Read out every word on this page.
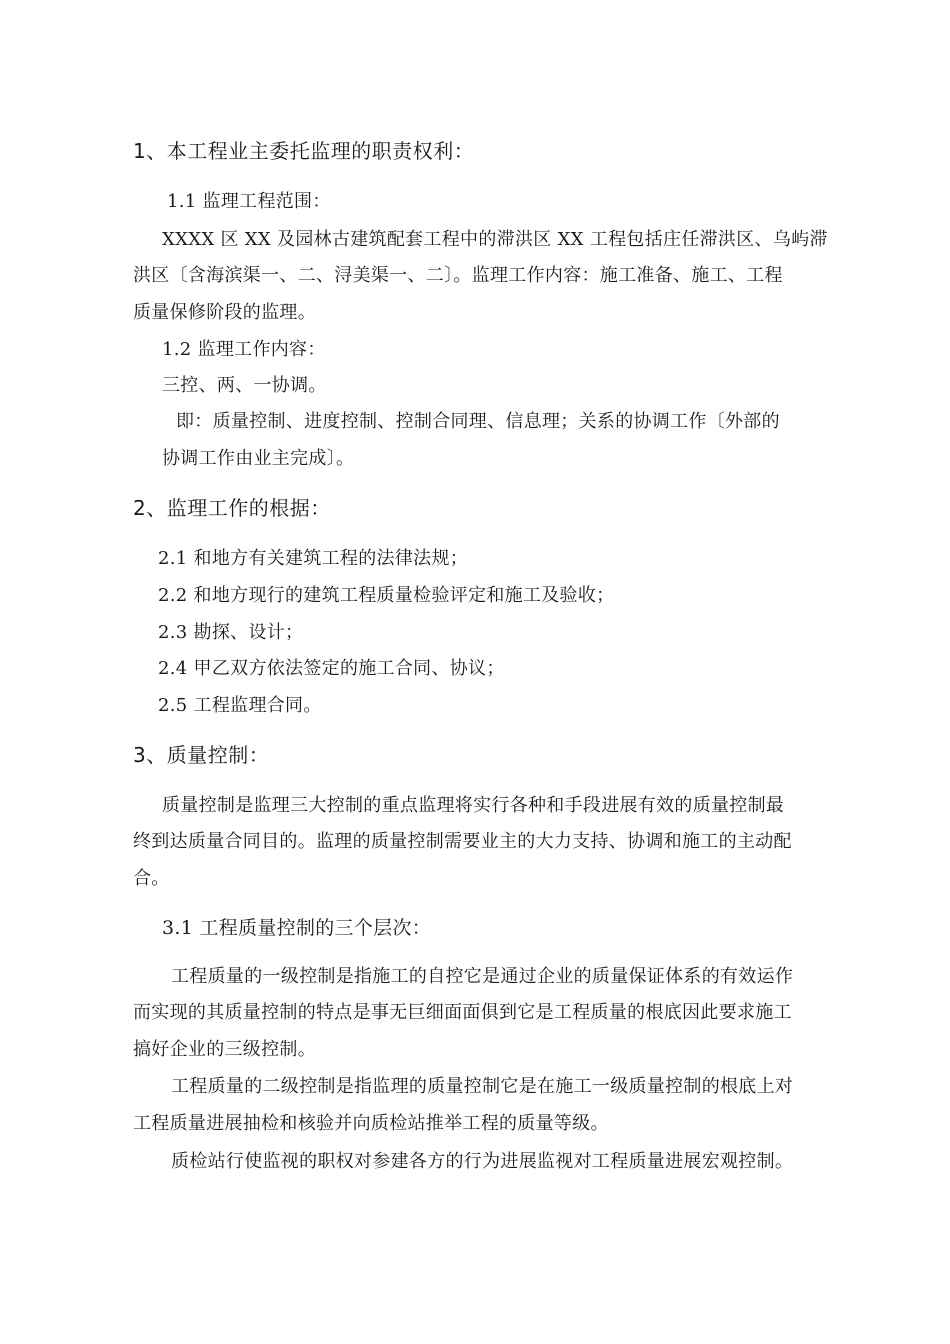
1、本工程业主委托监理的职责权利：
1.1 监理工程范围：
XXXX 区 XX 及园林古建筑配套工程中的滞洪区 XX 工程包括庄任滞洪区、乌屿滞
洪区〔含海滨渠一、二、浔美渠一、二〕。监理工作内容：施工准备、施工、工程
质量保修阶段的监理。
1.2 监理工作内容：
三控、两、一协调。
即：质量控制、进度控制、控制合同理、信息理；关系的协调工作〔外部的
协调工作由业主完成〕。
2、监理工作的根据：
2.1 和地方有关建筑工程的法律法规；
2.2 和地方现行的建筑工程质量检验评定和施工及验收；
2.3 勘探、设计；
2.4 甲乙双方依法签定的施工合同、协议；
2.5 工程监理合同。
3、质量控制：
质量控制是监理三大控制的重点监理将实行各种和手段进展有效的质量控制最
终到达质量合同目的。监理的质量控制需要业主的大力支持、协调和施工的主动配
合。
3.1 工程质量控制的三个层次：
工程质量的一级控制是指施工的自控它是通过企业的质量保证体系的有效运作
而实现的其质量控制的特点是事无巨细面面俱到它是工程质量的根底因此要求施工
搞好企业的三级控制。
工程质量的二级控制是指监理的质量控制它是在施工一级质量控制的根底上对
工程质量进展抽检和核验并向质检站推举工程的质量等级。
质检站行使监视的职权对参建各方的行为进展监视对工程质量进展宏观控制。
